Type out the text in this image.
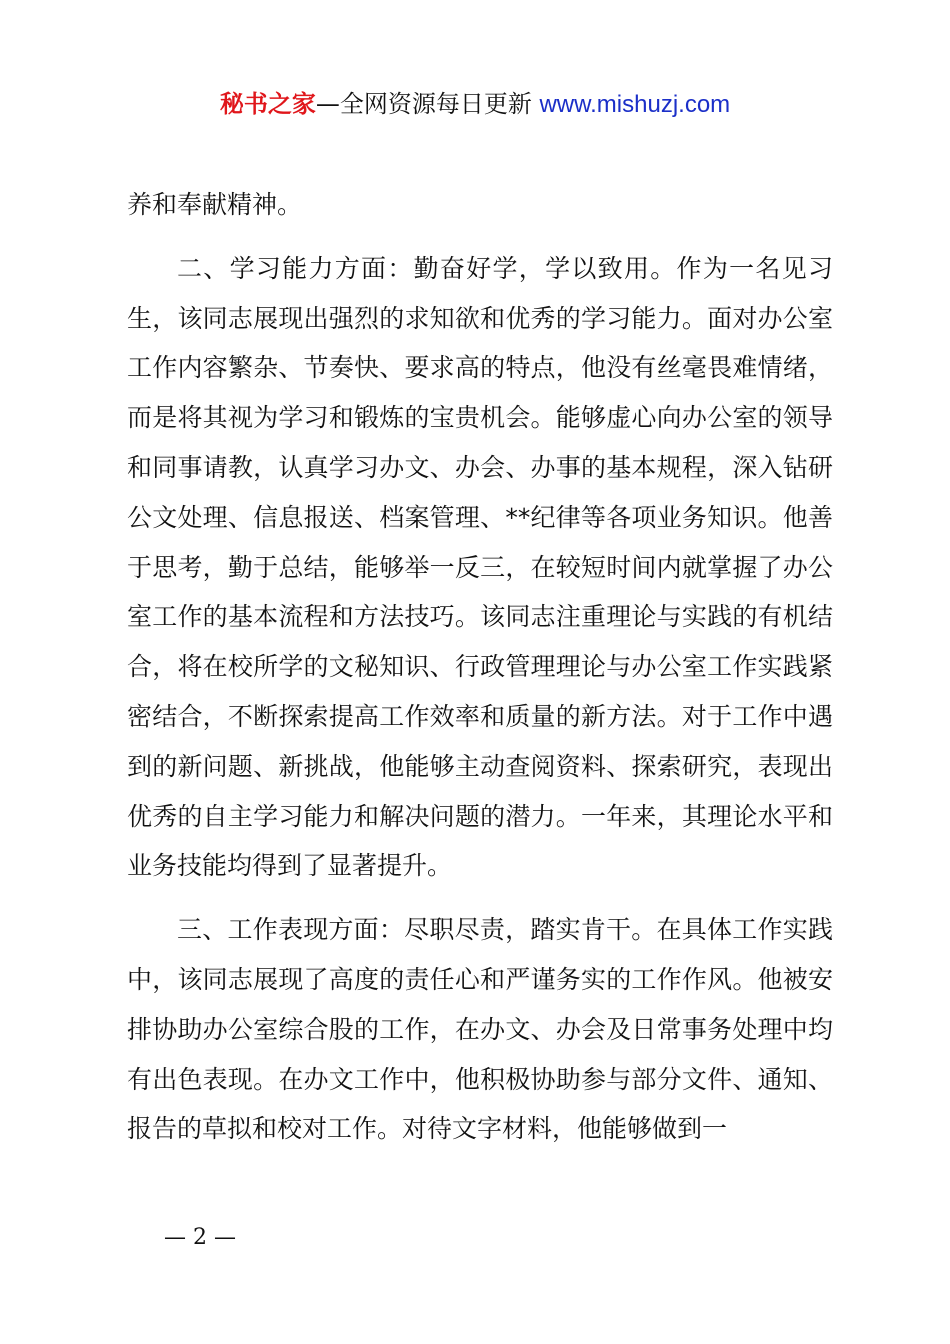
秘书之家—全网资源每日更新 www.mishuzj.com

养和奉献精神。

二、学习能力方面：勤奋好学，学以致用。作为一名见习生，该同志展现出强烈的求知欲和优秀的学习能力。面对办公室工作内容繁杂、节奏快、要求高的特点，他没有丝毫畏难情绪，而是将其视为学习和锻炼的宝贵机会。能够虚心向办公室的领导和同事请教，认真学习办文、办会、办事的基本规程，深入钻研公文处理、信息报送、档案管理、**纪律等各项业务知识。他善于思考，勤于总结，能够举一反三，在较短时间内就掌握了办公室工作的基本流程和方法技巧。该同志注重理论与实践的有机结合，将在校所学的文秘知识、行政管理理论与办公室工作实践紧密结合，不断探索提高工作效率和质量的新方法。对于工作中遇到的新问题、新挑战，他能够主动查阅资料、探索研究，表现出优秀的自主学习能力和解决问题的潜力。一年来，其理论水平和业务技能均得到了显著提升。

三、工作表现方面：尽职尽责，踏实肯干。在具体工作实践中，该同志展现了高度的责任心和严谨务实的工作作风。他被安排协助办公室综合股的工作，在办文、办会及日常事务处理中均有出色表现。在办文工作中，他积极协助参与部分文件、通知、报告的草拟和校对工作。对待文字材料，他能够做到一

— 2 —
